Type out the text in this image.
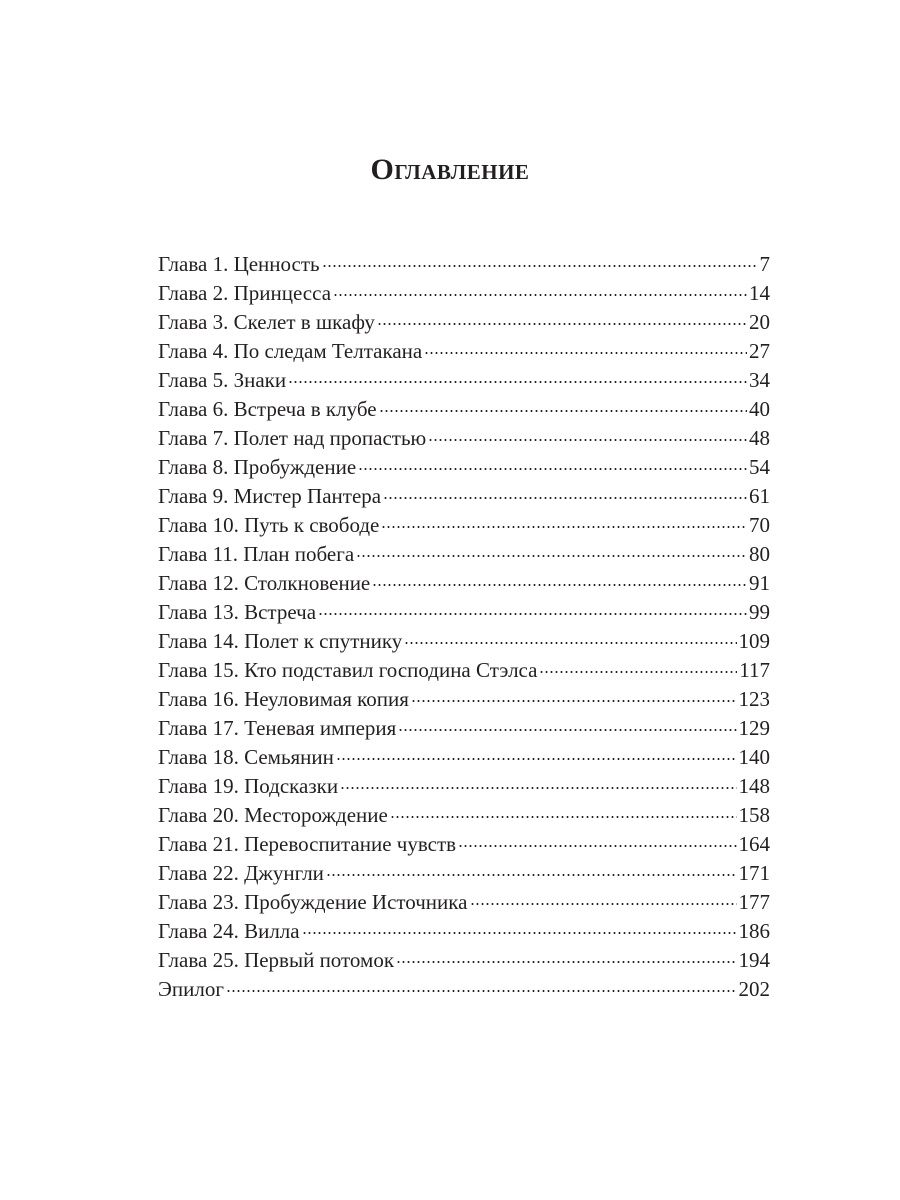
Оглавление
Глава 1. Ценность	7
Глава 2. Принцесса	14
Глава 3. Скелет в шкафу	20
Глава 4. По следам Телтакана	27
Глава 5. Знаки	34
Глава 6. Встреча в клубе	40
Глава 7. Полет над пропастью	48
Глава 8. Пробуждение	54
Глава 9. Мистер Пантера	61
Глава 10. Путь к свободе	70
Глава 11. План побега	80
Глава 12. Столкновение	91
Глава 13. Встреча	99
Глава 14. Полет к спутнику	109
Глава 15. Кто подставил господина Стэлса	117
Глава 16. Неуловимая копия	123
Глава 17. Теневая империя	129
Глава 18. Семьянин	140
Глава 19. Подсказки	148
Глава 20. Месторождение	158
Глава 21. Перевоспитание чувств	164
Глава 22. Джунгли	171
Глава 23. Пробуждение Источника	177
Глава 24. Вилла	186
Глава 25. Первый потомок	194
Эпилог	202
